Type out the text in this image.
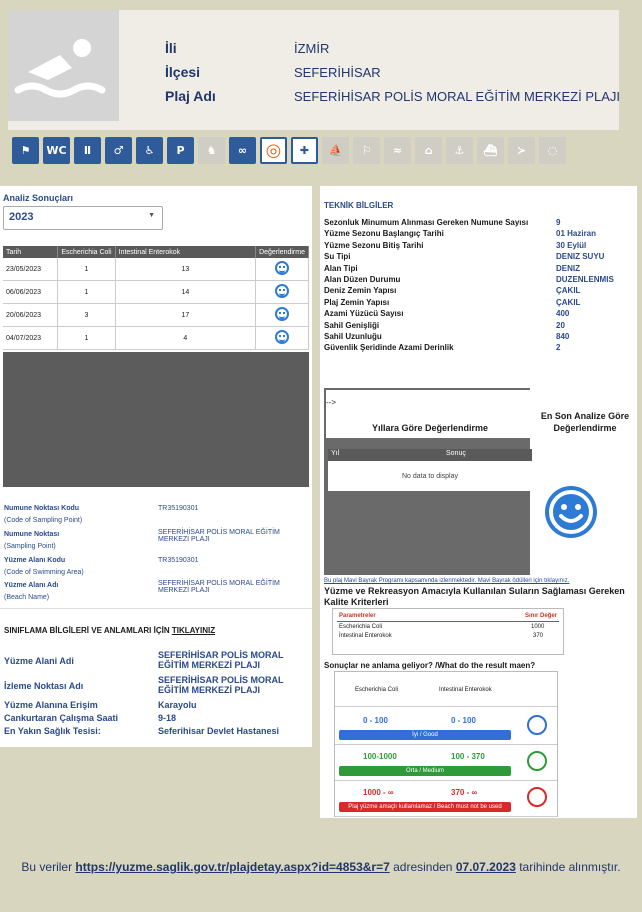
İli	İZMİR
İlçesi	SEFERİHİSAR
Plaj Adı	SEFERİHİSAR POLİS MORAL EĞİTİM MERKEZİ PLAJI
⚑	WC	Ⅱ	♂	♿	P	♞	∞	◎	✚	⛵	⚐	≈	⌂	⚓	⛴	≻	◌
Analiz Sonuçları
2023	▼
Tarih	Escherichia Coli	Intestinal Enterokok	Değerlendirme
23/05/2023	1	13	
06/06/2023	1	14	
20/06/2023	3	17	
04/07/2023	1	4	
Numune Noktası Kodu
(Code of Sampling Point)
TR35190301
Numune Noktası
(Sampling Point)
SEFERİHİSAR POLİS MORAL EĞİTİM MERKEZİ PLAJI
Yüzme Alanı Kodu
(Code of Swimming Area)
TR35190301
Yüzme Alanı Adı
(Beach Name)
SEFERİHİSAR POLİS MORAL EĞİTİM MERKEZİ PLAJI
SINIFLAMA BİLGİLERİ VE ANLAMLARI İÇİN TIKLAYINIZ
Yüzme Alani Adi
SEFERİHİSAR POLİS MORAL EĞİTİM MERKEZİ PLAJI
İzleme Noktası Adı
SEFERİHİSAR POLİS MORAL EĞİTİM MERKEZİ PLAJI
Yüzme Alanına Erişim	Karayolu
Cankurtaran Çalışma Saati	9-18
En Yakın Sağlık Tesisi:	Seferihisar Devlet Hastanesi
TEKNİK BİLGİLER
Sezonluk Minumum Alınması Gereken Numune Sayısı	9
Yüzme Sezonu Başlangıç Tarihi	01 Haziran
Yüzme Sezonu Bitiş Tarihi	30 Eylül
Su Tipi	DENIZ SUYU
Alan Tipi	DENIZ
Alan Düzen Durumu	DUZENLENMIS
Deniz Zemin Yapısı	ÇAKIL
Plaj Zemin Yapısı	ÇAKIL
Azami Yüzücü Sayısı	400
Sahil Genişliği	20
Sahil Uzunluğu	840
Güvenlik Şeridinde Azami Derinlik	2
-->
Yıllara Göre Değerlendirme
Yıl	Sonuç
No data to display
En Son Analize Göre Değerlendirme
Bu plaj Mavi Bayrak Programı kapsamında izlenmektedir. Mavi Bayrak ödülleri için tıklayınız.
Yüzme ve Rekreasyon Amacıyla Kullanılan Suların Sağlaması Gereken Kalite Kriterleri
Parametreler	Sınır Değer
Escherichia Coli	1000
İntestinal Enterokok	370
Sonuçlar ne anlama geliyor? /What do the result maen?
Escherichia Coli	Intestinal Enterokok
0 - 100	0 - 100
İyi / Good
100-1000	100 - 370
Orta / Medium
1000 - ∞	370 - ∞
Plaj yüzme amaçlı kullanılamaz / Beach must not be used
Bu veriler https://yuzme.saglik.gov.tr/plajdetay.aspx?id=4853&r=7 adresinden 07.07.2023 tarihinde alınmıştır.
